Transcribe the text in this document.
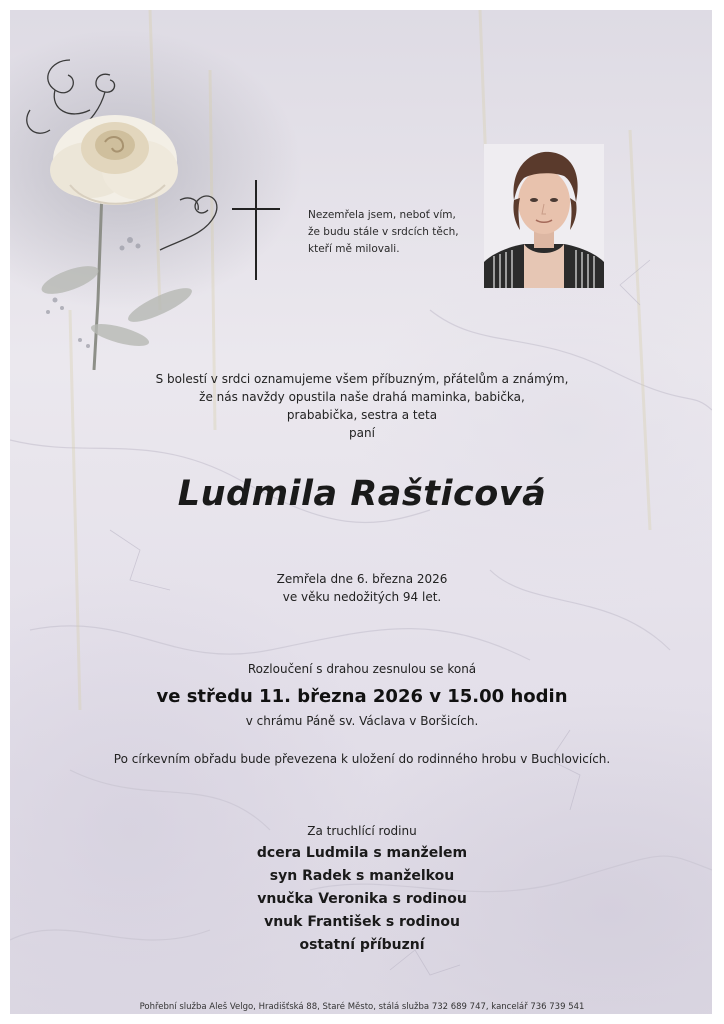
Nezemřela jsem, neboť vím,
že budu stále v srdcích těch,
kteří mě milovali.
S bolestí v srdci oznamujeme všem příbuzným, přátelům a známým,
že nás navždy opustila naše drahá maminka, babička,
prababička, sestra a teta
paní
Ludmila Rašticová
Zemřela dne 6. března 2026
ve věku nedožitých 94 let.
Rozloučení s drahou zesnulou se koná
ve středu 11. března 2026 v 15.00 hodin
v chrámu Páně sv. Václava v Boršicích.
Po církevním obřadu bude převezena k uložení do rodinného hrobu v Buchlovicích.
Za truchlící rodinu
dcera Ludmila s manželem
syn Radek s manželkou
vnučka Veronika s rodinou
vnuk František s rodinou
ostatní příbuzní
Pohřební služba Aleš Velgo, Hradišťská 88, Staré Město, stálá služba 732 689 747, kancelář 736 739 541
